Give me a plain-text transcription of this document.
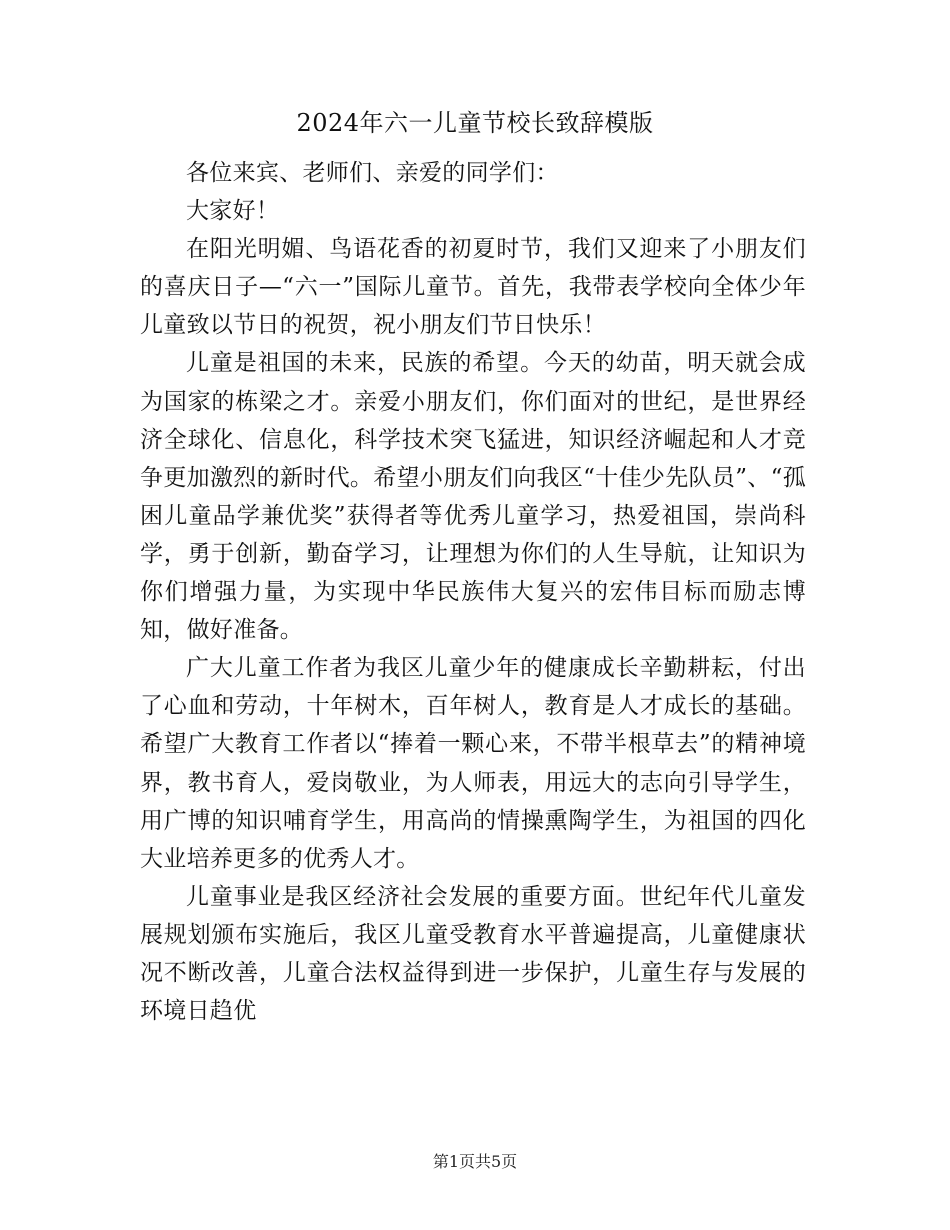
2024年六一儿童节校长致辞模版

各位来宾、老师们、亲爱的同学们：

大家好！

在阳光明媚、鸟语花香的初夏时节，我们又迎来了小朋友们的喜庆日子—“六一”国际儿童节。首先，我带表学校向全体少年儿童致以节日的祝贺，祝小朋友们节日快乐！

儿童是祖国的未来，民族的希望。今天的幼苗，明天就会成为国家的栋梁之才。亲爱小朋友们，你们面对的世纪，是世界经济全球化、信息化，科学技术突飞猛进，知识经济崛起和人才竞争更加激烈的新时代。希望小朋友们向我区“十佳少先队员”、“孤困儿童品学兼优奖”获得者等优秀儿童学习，热爱祖国，崇尚科学，勇于创新，勤奋学习，让理想为你们的人生导航，让知识为你们增强力量，为实现中华民族伟大复兴的宏伟目标而励志博知，做好准备。

广大儿童工作者为我区儿童少年的健康成长辛勤耕耘，付出了心血和劳动，十年树木，百年树人，教育是人才成长的基础。希望广大教育工作者以“捧着一颗心来，不带半根草去”的精神境界，教书育人，爱岗敬业，为人师表，用远大的志向引导学生，用广博的知识哺育学生，用高尚的情操熏陶学生，为祖国的四化大业培养更多的优秀人才。

儿童事业是我区经济社会发展的重要方面。世纪年代儿童发展规划颁布实施后，我区儿童受教育水平普遍提高，儿童健康状况不断改善，儿童合法权益得到进一步保护，儿童生存与发展的环境日趋优

第1页共5页
